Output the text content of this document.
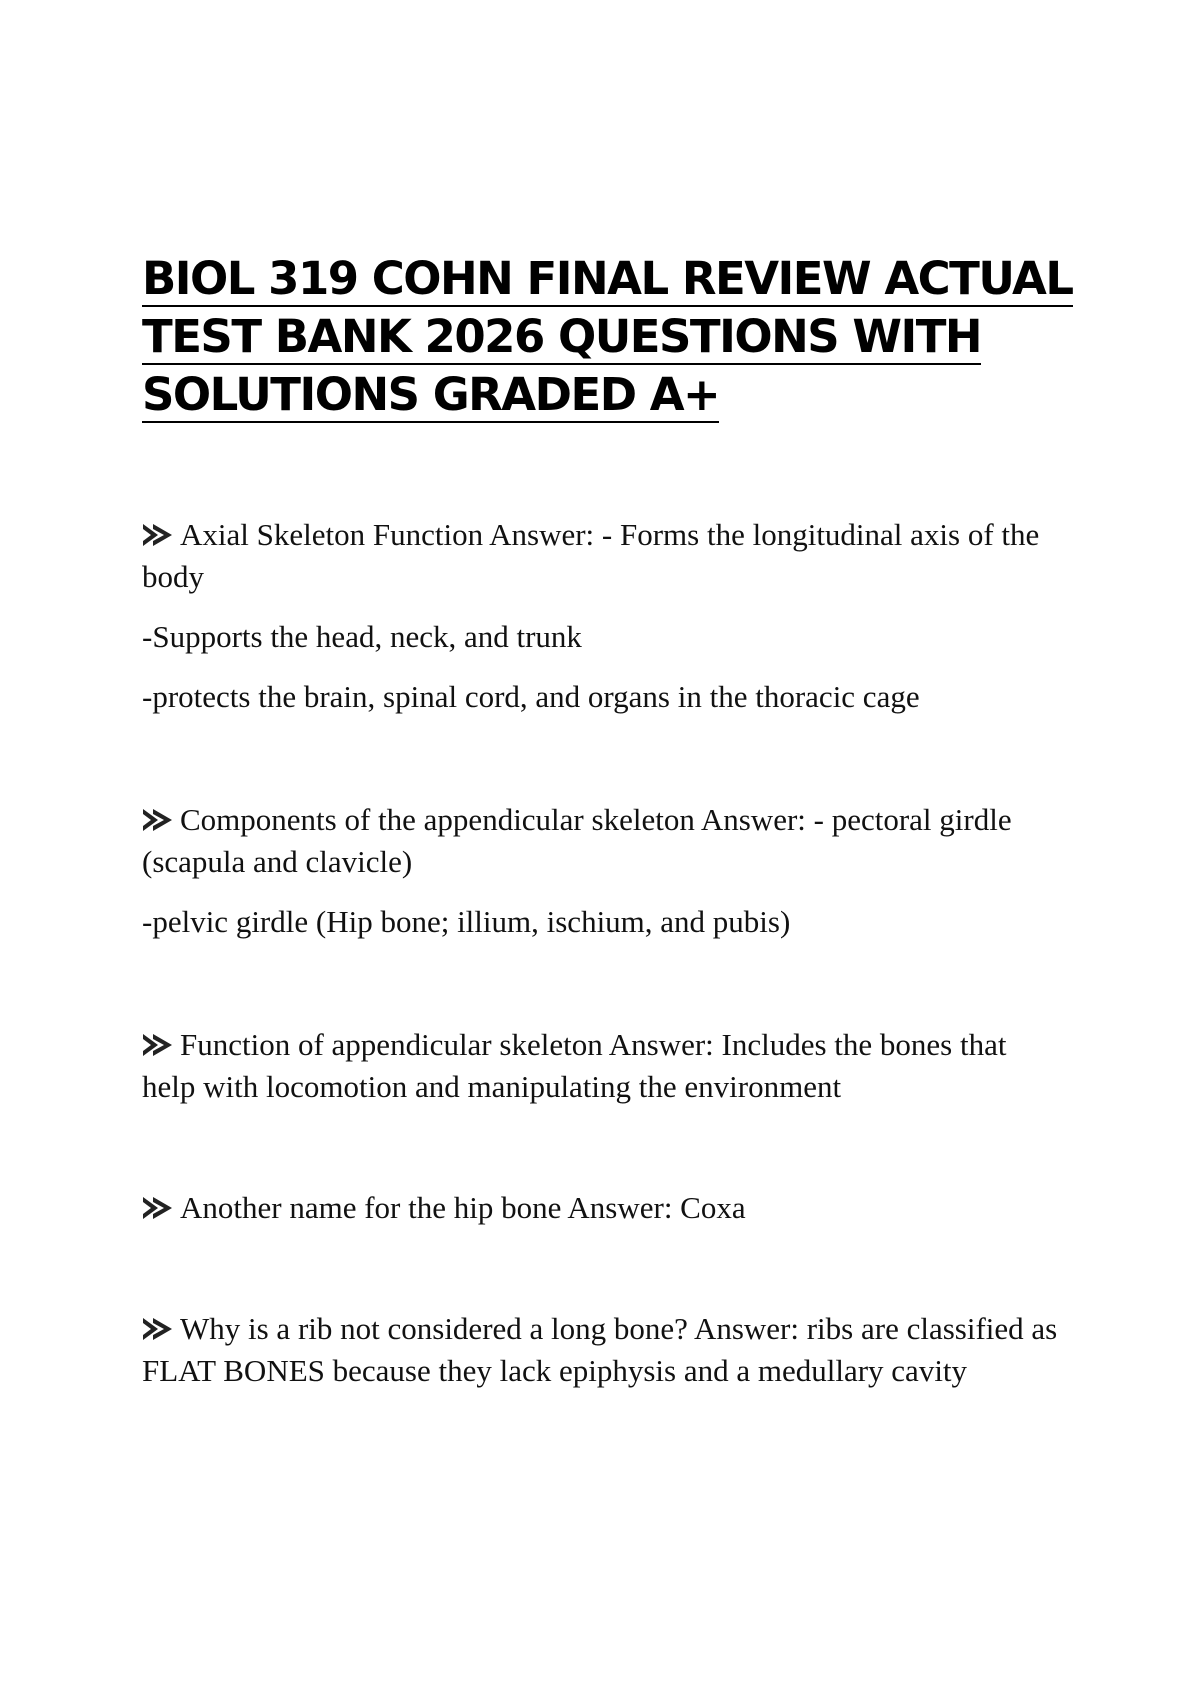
BIOL 319 COHN FINAL REVIEW ACTUAL
TEST BANK 2026 QUESTIONS WITH
SOLUTIONS GRADED A+

Axial Skeleton Function Answer: - Forms the longitudinal axis of the body

-Supports the head, neck, and trunk

-protects the brain, spinal cord, and organs in the thoracic cage

Components of the appendicular skeleton Answer: - pectoral girdle (scapula and clavicle)

-pelvic girdle (Hip bone; illium, ischium, and pubis)

Function of appendicular skeleton Answer: Includes the bones that help with locomotion and manipulating the environment

Another name for the hip bone Answer: Coxa

Why is a rib not considered a long bone? Answer: ribs are classified as FLAT BONES because they lack epiphysis and a medullary cavity
